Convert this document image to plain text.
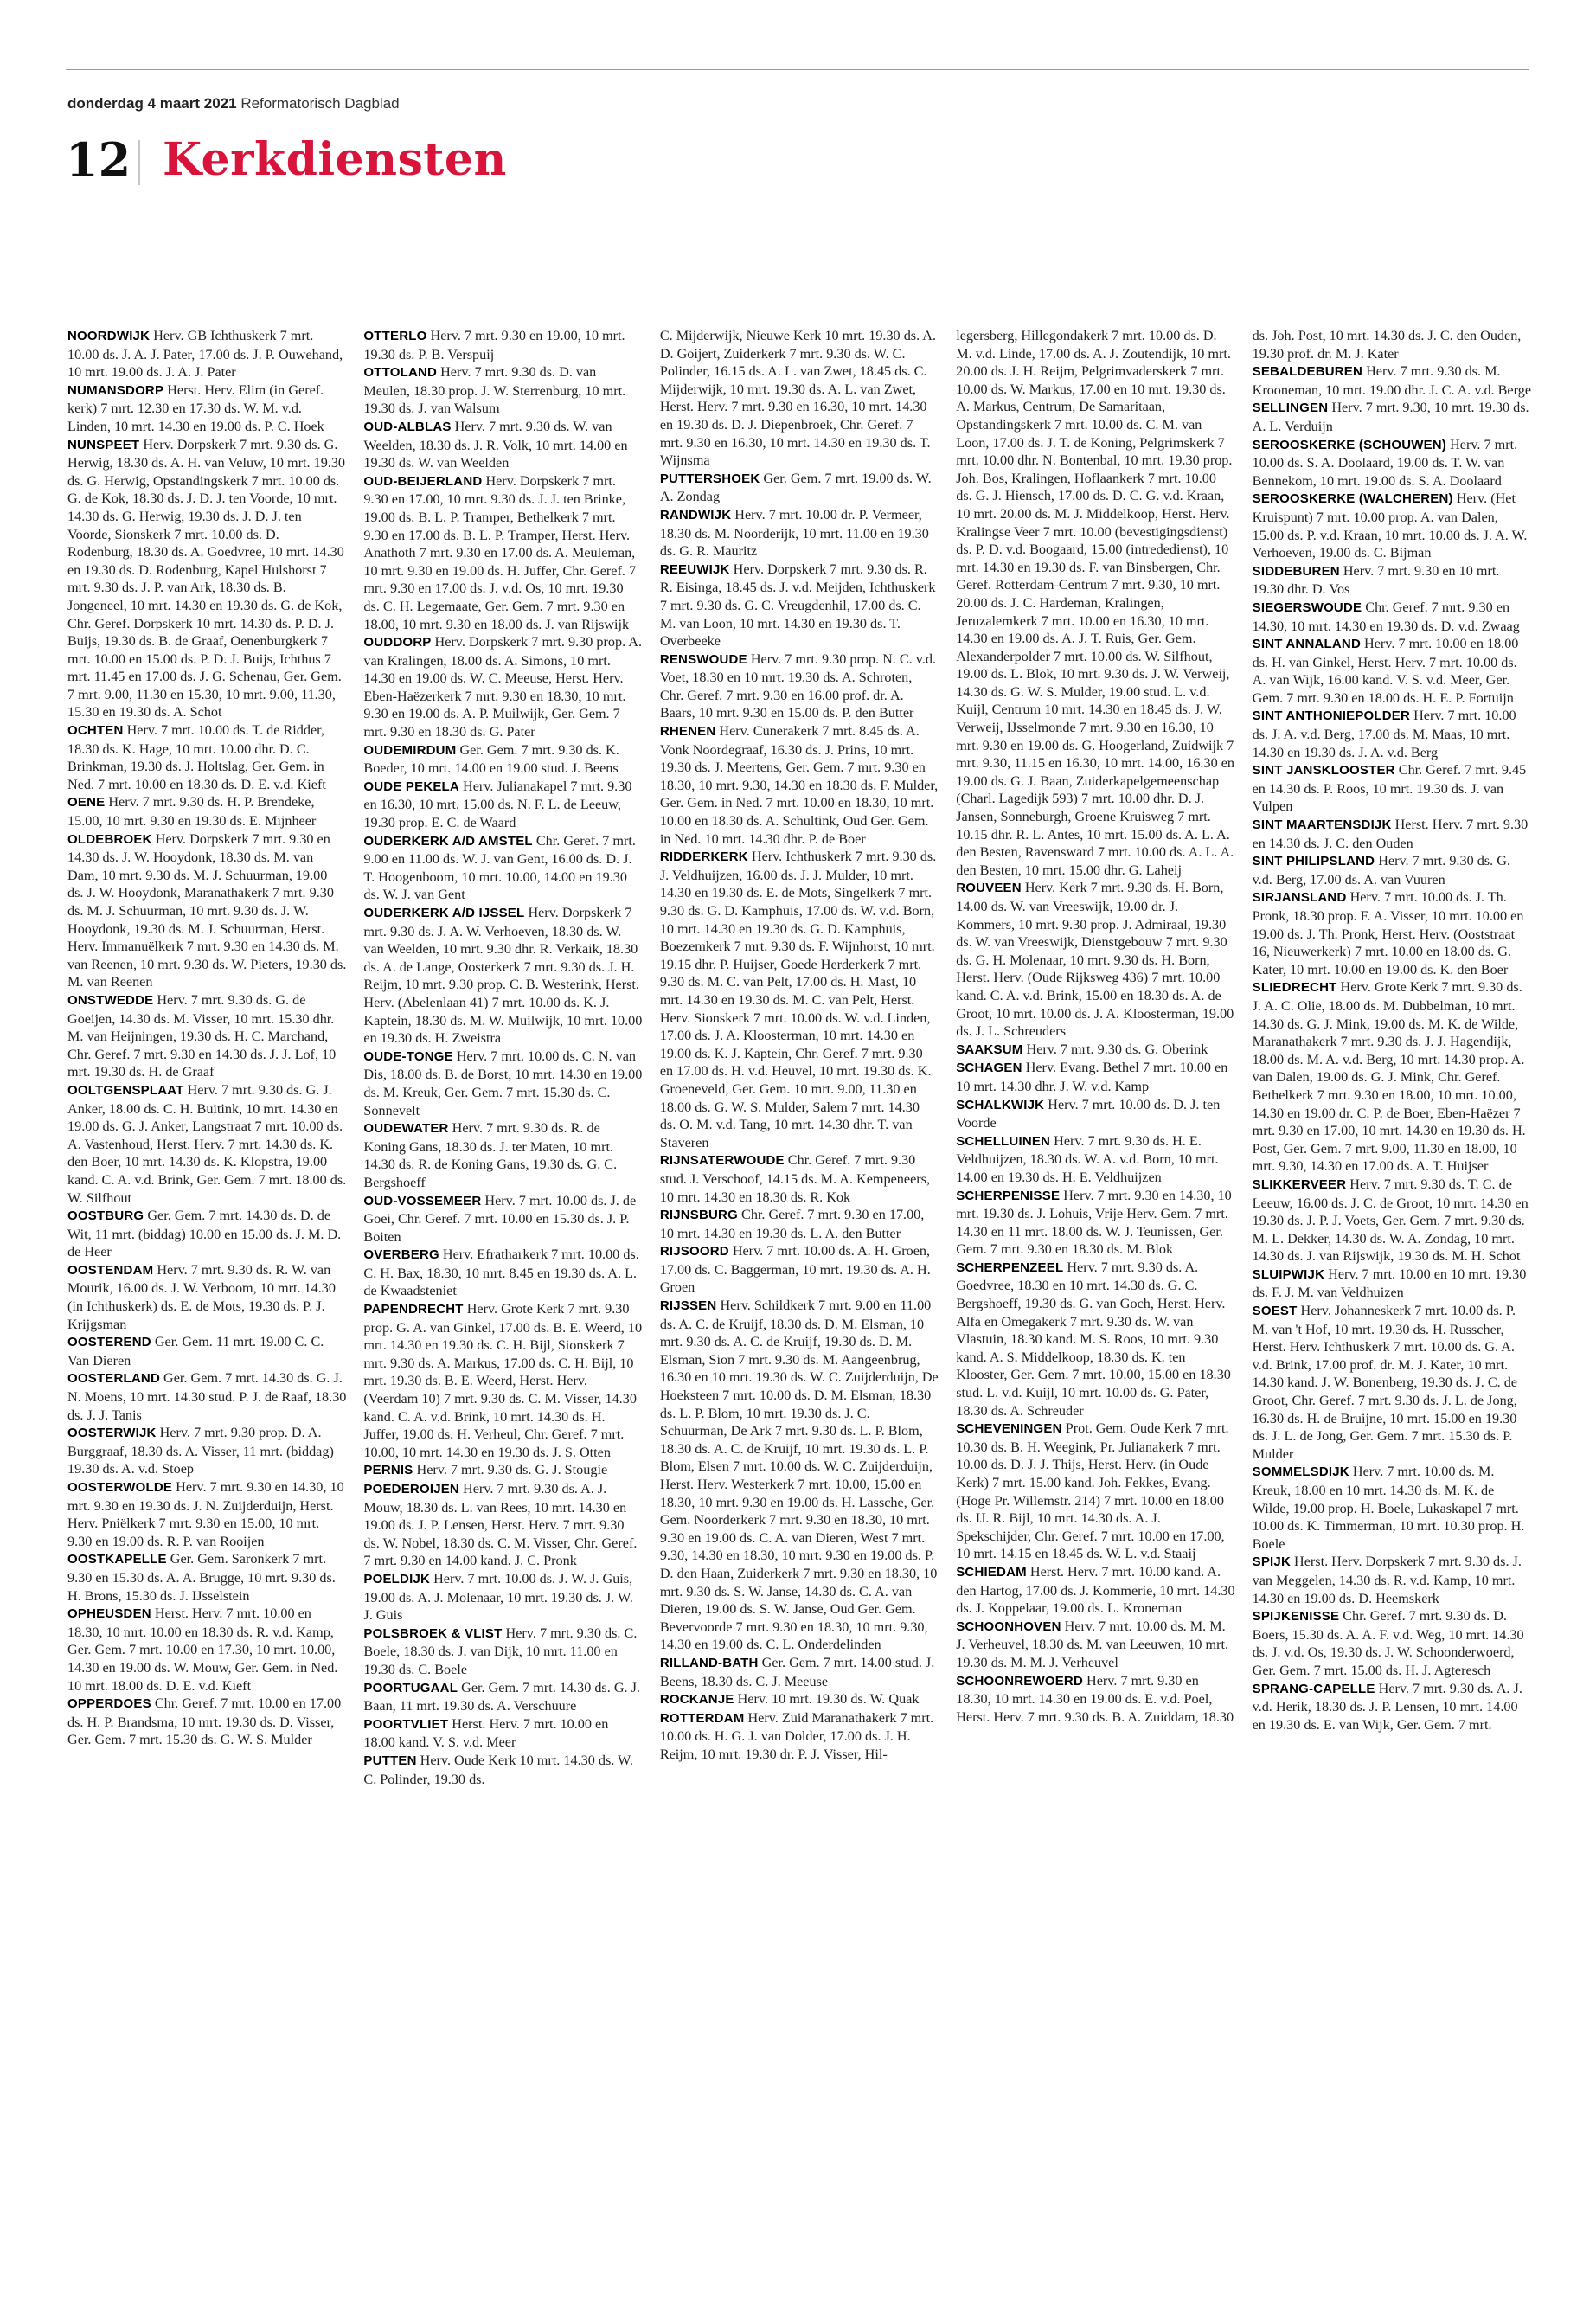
donderdag 4 maart 2021 Reformatorisch Dagblad
12 Kerkdiensten

NOORDWIJK Herv. GB Ichthuskerk 7 mrt. 10.00 ds. J. A. J. Pater, 17.00 ds. J. P. Ouwehand, 10 mrt. 19.00 ds. J. A. J. Pater

NUMANSDORP Herst. Herv. Elim (in Geref. kerk) 7 mrt. 12.30 en 17.30 ds. W. M. v.d. Linden, 10 mrt. 14.30 en 19.00 ds. P. C. Hoek

NUNSPEET Herv. Dorpskerk 7 mrt. 9.30 ds. G. Herwig, 18.30 ds. A. H. van Veluw, 10 mrt. 19.30 ds. G. Herwig, Opstandingskerk 7 mrt. 10.00 ds. G. de Kok, 18.30 ds. J. D. J. ten Voorde, 10 mrt. 14.30 ds. G. Herwig, 19.30 ds. J. D. J. ten Voorde, Sionskerk 7 mrt. 10.00 ds. D. Rodenburg, 18.30 ds. A. Goedvree, 10 mrt. 14.30 en 19.30 ds. D. Rodenburg, Kapel Hulshorst 7 mrt. 9.30 ds. J. P. van Ark, 18.30 ds. B. Jongeneel, 10 mrt. 14.30 en 19.30 ds. G. de Kok, Chr. Geref. Dorpskerk 10 mrt. 14.30 ds. P. D. J. Buijs, 19.30 ds. B. de Graaf, Oenenburgkerk 7 mrt. 10.00 en 15.00 ds. P. D. J. Buijs, Ichthus 7 mrt. 11.45 en 17.00 ds. J. G. Schenau, Ger. Gem. 7 mrt. 9.00, 11.30 en 15.30, 10 mrt. 9.00, 11.30, 15.30 en 19.30 ds. A. Schot

OCHTEN Herv. 7 mrt. 10.00 ds. T. de Ridder, 18.30 ds. K. Hage, 10 mrt. 10.00 dhr. D. C. Brinkman, 19.30 ds. J. Holtslag, Ger. Gem. in Ned. 7 mrt. 10.00 en 18.30 ds. D. E. v.d. Kieft

OENE Herv. 7 mrt. 9.30 ds. H. P. Brendeke, 15.00, 10 mrt. 9.30 en 19.30 ds. E. Mijnheer

OLDEBROEK Herv. Dorpskerk 7 mrt. 9.30 en 14.30 ds. J. W. Hooydonk, 18.30 ds. M. van Dam, 10 mrt. 9.30 ds. M. J. Schuurman, 19.00 ds. J. W. Hooydonk, Maranathakerk 7 mrt. 9.30 ds. M. J. Schuurman, 10 mrt. 9.30 ds. J. W. Hooydonk, 19.30 ds. M. J. Schuurman, Herst. Herv. Immanuëlkerk 7 mrt. 9.30 en 14.30 ds. M. van Reenen, 10 mrt. 9.30 ds. W. Pieters, 19.30 ds. M. van Reenen

ONSTWEDDE Herv. 7 mrt. 9.30 ds. G. de Goeijen, 14.30 ds. M. Visser, 10 mrt. 15.30 dhr. M. van Heijningen, 19.30 ds. H. C. Marchand, Chr. Geref. 7 mrt. 9.30 en 14.30 ds. J. J. Lof, 10 mrt. 19.30 ds. H. de Graaf

OOLTGENSPLAAT Herv. 7 mrt. 9.30 ds. G. J. Anker, 18.00 ds. C. H. Buitink, 10 mrt. 14.30 en 19.00 ds. G. J. Anker, Langstraat 7 mrt. 10.00 ds. A. Vastenhoud, Herst. Herv. 7 mrt. 14.30 ds. K. den Boer, 10 mrt. 14.30 ds. K. Klopstra, 19.00 kand. C. A. v.d. Brink, Ger. Gem. 7 mrt. 18.00 ds. W. Silfhout

OOSTBURG Ger. Gem. 7 mrt. 14.30 ds. D. de Wit, 11 mrt. (biddag) 10.00 en 15.00 ds. J. M. D. de Heer

OOSTENDAM Herv. 7 mrt. 9.30 ds. R. W. van Mourik, 16.00 ds. J. W. Verboom, 10 mrt. 14.30 (in Ichthuskerk) ds. E. de Mots, 19.30 ds. P. J. Krijgsman

OOSTEREND Ger. Gem. 11 mrt. 19.00 C. C. Van Dieren

OOSTERLAND Ger. Gem. 7 mrt. 14.30 ds. G. J. N. Moens, 10 mrt. 14.30 stud. P. J. de Raaf, 18.30 ds. J. J. Tanis

OOSTERWIJK Herv. 7 mrt. 9.30 prop. D. A. Burggraaf, 18.30 ds. A. Visser, 11 mrt. (biddag) 19.30 ds. A. v.d. Stoep

OOSTERWOLDE Herv. 7 mrt. 9.30 en 14.30, 10 mrt. 9.30 en 19.30 ds. J. N. Zuijderduijn, Herst. Herv. Pniëlkerk 7 mrt. 9.30 en 15.00, 10 mrt. 9.30 en 19.00 ds. R. P. van Rooijen

OOSTKAPELLE Ger. Gem. Saronkerk 7 mrt. 9.30 en 15.30 ds. A. A. Brugge, 10 mrt. 9.30 ds. H. Brons, 15.30 ds. J. IJsselstein

OPHEUSDEN Herst. Herv. 7 mrt. 10.00 en 18.30, 10 mrt. 10.00 en 18.30 ds. R. v.d. Kamp, Ger. Gem. 7 mrt. 10.00 en 17.30, 10 mrt. 10.00, 14.30 en 19.00 ds. W. Mouw, Ger. Gem. in Ned. 10 mrt. 18.00 ds. D. E. v.d. Kieft

OPPERDOES Chr. Geref. 7 mrt. 10.00 en 17.00 ds. H. P. Brandsma, 10 mrt. 19.30 ds. D. Visser, Ger. Gem. 7 mrt. 15.30 ds. G. W. S. Mulder

OTTERLO Herv. 7 mrt. 9.30 en 19.00, 10 mrt. 19.30 ds. P. B. Verspuij

OTTOLAND Herv. 7 mrt. 9.30 ds. D. van Meulen, 18.30 prop. J. W. Sterrenburg, 10 mrt. 19.30 ds. J. van Walsum

OUD-ALBLAS Herv. 7 mrt. 9.30 ds. W. van Weelden, 18.30 ds. J. R. Volk, 10 mrt. 14.00 en 19.30 ds. W. van Weelden

OUD-BEIJERLAND Herv. Dorpskerk 7 mrt. 9.30 en 17.00, 10 mrt. 9.30 ds. J. J. ten Brinke, 19.00 ds. B. L. P. Tramper, Bethelkerk 7 mrt. 9.30 en 17.00 ds. B. L. P. Tramper, Herst. Herv. Anathoth 7 mrt. 9.30 en 17.00 ds. A. Meuleman, 10 mrt. 9.30 en 19.00 ds. H. Juffer, Chr. Geref. 7 mrt. 9.30 en 17.00 ds. J. v.d. Os, 10 mrt. 19.30 ds. C. H. Legemaate, Ger. Gem. 7 mrt. 9.30 en 18.00, 10 mrt. 9.30 en 18.00 ds. J. van Rijswijk

OUDDORP Herv. Dorpskerk 7 mrt. 9.30 prop. A. van Kralingen, 18.00 ds. A. Simons, 10 mrt. 14.30 en 19.00 ds. W. C. Meeuse, Herst. Herv. Eben-Haëzerkerk 7 mrt. 9.30 en 18.30, 10 mrt. 9.30 en 19.00 ds. A. P. Muilwijk, Ger. Gem. 7 mrt. 9.30 en 18.30 ds. G. Pater

OUDEMIRDUM Ger. Gem. 7 mrt. 9.30 ds. K. Boeder, 10 mrt. 14.00 en 19.00 stud. J. Beens

OUDE PEKELA Herv. Julianakapel 7 mrt. 9.30 en 16.30, 10 mrt. 15.00 ds. N. F. L. de Leeuw, 19.30 prop. E. C. de Waard

OUDERKERK A/D AMSTEL Chr. Geref. 7 mrt. 9.00 en 11.00 ds. W. J. van Gent, 16.00 ds. D. J. T. Hoogenboom, 10 mrt. 10.00, 14.00 en 19.30 ds. W. J. van Gent

OUDERKERK A/D IJSSEL Herv. Dorpskerk 7 mrt. 9.30 ds. J. A. W. Verhoeven, 18.30 ds. W. van Weelden, 10 mrt. 9.30 dhr. R. Verkaik, 18.30 ds. A. de Lange, Oosterkerk 7 mrt. 9.30 ds. J. H. Reijm, 10 mrt. 9.30 prop. C. B. Westerink, Herst. Herv. (Abelenlaan 41) 7 mrt. 10.00 ds. K. J. Kaptein, 18.30 ds. M. W. Muilwijk, 10 mrt. 10.00 en 19.30 ds. H. Zweistra

OUDE-TONGE Herv. 7 mrt. 10.00 ds. C. N. van Dis, 18.00 ds. B. de Borst, 10 mrt. 14.30 en 19.00 ds. M. Kreuk, Ger. Gem. 7 mrt. 15.30 ds. C. Sonnevelt

OUDEWATER Herv. 7 mrt. 9.30 ds. R. de Koning Gans, 18.30 ds. J. ter Maten, 10 mrt. 14.30 ds. R. de Koning Gans, 19.30 ds. G. C. Bergshoeff

OUD-VOSSEMEER Herv. 7 mrt. 10.00 ds. J. de Goei, Chr. Geref. 7 mrt. 10.00 en 15.30 ds. J. P. Boiten

OVERBERG Herv. Efratharkerk 7 mrt. 10.00 ds. C. H. Bax, 18.30, 10 mrt. 8.45 en 19.30 ds. A. L. de Kwaadsteniet

PAPENDRECHT Herv. Grote Kerk 7 mrt. 9.30 prop. G. A. van Ginkel, 17.00 ds. B. E. Weerd, 10 mrt. 14.30 en 19.30 ds. C. H. Bijl, Sionskerk 7 mrt. 9.30 ds. A. Markus, 17.00 ds. C. H. Bijl, 10 mrt. 19.30 ds. B. E. Weerd, Herst. Herv. (Veerdam 10) 7 mrt. 9.30 ds. C. M. Visser, 14.30 kand. C. A. v.d. Brink, 10 mrt. 14.30 ds. H. Juffer, 19.00 ds. H. Verheul, Chr. Geref. 7 mrt. 10.00, 10 mrt. 14.30 en 19.30 ds. J. S. Otten

PERNIS Herv. 7 mrt. 9.30 ds. G. J. Stougie

POEDEROIJEN Herv. 7 mrt. 9.30 ds. A. J. Mouw, 18.30 ds. L. van Rees, 10 mrt. 14.30 en 19.00 ds. J. P. Lensen, Herst. Herv. 7 mrt. 9.30 ds. W. Nobel, 18.30 ds. C. M. Visser, Chr. Geref. 7 mrt. 9.30 en 14.00 kand. J. C. Pronk

POELDIJK Herv. 7 mrt. 10.00 ds. J. W. J. Guis, 19.00 ds. A. J. Molenaar, 10 mrt. 19.30 ds. J. W. J. Guis

POLSBROEK & VLIST Herv. 7 mrt. 9.30 ds. C. Boele, 18.30 ds. J. van Dijk, 10 mrt. 11.00 en 19.30 ds. C. Boele

POORTUGAAL Ger. Gem. 7 mrt. 14.30 ds. G. J. Baan, 11 mrt. 19.30 ds. A. Verschuure

POORTVLIET Herst. Herv. 7 mrt. 10.00 en 18.00 kand. V. S. v.d. Meer

PUTTEN Herv. Oude Kerk 10 mrt. 14.30 ds. W. C. Polinder, 19.30 ds.

C. Mijderwijk, Nieuwe Kerk 10 mrt. 19.30 ds. A. D. Goijert, Zuiderkerk 7 mrt. 9.30 ds. W. C. Polinder, 16.15 ds. A. L. van Zwet, 18.45 ds. C. Mijderwijk, 10 mrt. 19.30 ds. A. L. van Zwet, Herst. Herv. 7 mrt. 9.30 en 16.30, 10 mrt. 14.30 en 19.30 ds. D. J. Diepenbroek, Chr. Geref. 7 mrt. 9.30 en 16.30, 10 mrt. 14.30 en 19.30 ds. T. Wijnsma

PUTTERSHOEK Ger. Gem. 7 mrt. 19.00 ds. W. A. Zondag

RANDWIJK Herv. 7 mrt. 10.00 dr. P. Vermeer, 18.30 ds. M. Noorderijk, 10 mrt. 11.00 en 19.30 ds. G. R. Mauritz

REEUWIJK Herv. Dorpskerk 7 mrt. 9.30 ds. R. R. Eisinga, 18.45 ds. J. v.d. Meijden, Ichthuskerk 7 mrt. 9.30 ds. G. C. Vreugdenhil, 17.00 ds. C. M. van Loon, 10 mrt. 14.30 en 19.30 ds. T. Overbeeke

RENSWOUDE Herv. 7 mrt. 9.30 prop. N. C. v.d. Voet, 18.30 en 10 mrt. 19.30 ds. A. Schroten, Chr. Geref. 7 mrt. 9.30 en 16.00 prof. dr. A. Baars, 10 mrt. 9.30 en 15.00 ds. P. den Butter

RHENEN Herv. Cunerakerk 7 mrt. 8.45 ds. A. Vonk Noordegraaf, 16.30 ds. J. Prins, 10 mrt. 19.30 ds. J. Meertens, Ger. Gem. 7 mrt. 9.30 en 18.30, 10 mrt. 9.30, 14.30 en 18.30 ds. F. Mulder, Ger. Gem. in Ned. 7 mrt. 10.00 en 18.30, 10 mrt. 10.00 en 18.30 ds. A. Schultink, Oud Ger. Gem. in Ned. 10 mrt. 14.30 dhr. P. de Boer

RIDDERKERK Herv. Ichthuskerk 7 mrt. 9.30 ds. J. Veldhuijzen, 16.00 ds. J. J. Mulder, 10 mrt. 14.30 en 19.30 ds. E. de Mots, Singelkerk 7 mrt. 9.30 ds. G. D. Kamphuis, 17.00 ds. W. v.d. Born, 10 mrt. 14.30 en 19.30 ds. G. D. Kamphuis, Boezemkerk 7 mrt. 9.30 ds. F. Wijnhorst, 10 mrt. 19.15 dhr. P. Huijser, Goede Herderkerk 7 mrt. 9.30 ds. M. C. van Pelt, 17.00 ds. H. Mast, 10 mrt. 14.30 en 19.30 ds. M. C. van Pelt, Herst. Herv. Sionskerk 7 mrt. 10.00 ds. W. v.d. Linden, 17.00 ds. J. A. Kloosterman, 10 mrt. 14.30 en 19.00 ds. K. J. Kaptein, Chr. Geref. 7 mrt. 9.30 en 17.00 ds. H. v.d. Heuvel, 10 mrt. 19.30 ds. K. Groeneveld, Ger. Gem. 10 mrt. 9.00, 11.30 en 18.00 ds. G. W. S. Mulder, Salem 7 mrt. 14.30 ds. O. M. v.d. Tang, 10 mrt. 14.30 dhr. T. van Staveren

RIJNSATERWOUDE Chr. Geref. 7 mrt. 9.30 stud. J. Verschoof, 14.15 ds. M. A. Kempeneers, 10 mrt. 14.30 en 18.30 ds. R. Kok

RIJNSBURG Chr. Geref. 7 mrt. 9.30 en 17.00, 10 mrt. 14.30 en 19.30 ds. L. A. den Butter

RIJSOORD Herv. 7 mrt. 10.00 ds. A. H. Groen, 17.00 ds. C. Baggerman, 10 mrt. 19.30 ds. A. H. Groen

RIJSSEN Herv. Schildkerk 7 mrt. 9.00 en 11.00 ds. A. C. de Kruijf, 18.30 ds. D. M. Elsman, 10 mrt. 9.30 ds. A. C. de Kruijf, 19.30 ds. D. M. Elsman, Sion 7 mrt. 9.30 ds. M. Aangeenbrug, 16.30 en 10 mrt. 19.30 ds. W. C. Zuijderduijn, De Hoeksteen 7 mrt. 10.00 ds. D. M. Elsman, 18.30 ds. L. P. Blom, 10 mrt. 19.30 ds. J. C. Schuurman, De Ark 7 mrt. 9.30 ds. L. P. Blom, 18.30 ds. A. C. de Kruijf, 10 mrt. 19.30 ds. L. P. Blom, Elsen 7 mrt. 10.00 ds. W. C. Zuijderduijn, Herst. Herv. Westerkerk 7 mrt. 10.00, 15.00 en 18.30, 10 mrt. 9.30 en 19.00 ds. H. Lassche, Ger. Gem. Noorderkerk 7 mrt. 9.30 en 18.30, 10 mrt. 9.30 en 19.00 ds. C. A. van Dieren, West 7 mrt. 9.30, 14.30 en 18.30, 10 mrt. 9.30 en 19.00 ds. P. D. den Haan, Zuiderkerk 7 mrt. 9.30 en 18.30, 10 mrt. 9.30 ds. S. W. Janse, 14.30 ds. C. A. van Dieren, 19.00 ds. S. W. Janse, Oud Ger. Gem. Bevervoorde 7 mrt. 9.30 en 18.30, 10 mrt. 9.30, 14.30 en 19.00 ds. C. L. Onderdelinden

RILLAND-BATH Ger. Gem. 7 mrt. 14.00 stud. J. Beens, 18.30 ds. C. J. Meeuse

ROCKANJE Herv. 10 mrt. 19.30 ds. W. Quak

ROTTERDAM Herv. Zuid Maranathakerk 7 mrt. 10.00 ds. H. G. J. van Dolder, 17.00 ds. J. H. Reijm, 10 mrt. 19.30 dr. P. J. Visser, Hil-

legersberg, Hillegondakerk 7 mrt. 10.00 ds. D. M. v.d. Linde, 17.00 ds. A. J. Zoutendijk, 10 mrt. 20.00 ds. J. H. Reijm, Pelgrimvaderskerk 7 mrt. 10.00 ds. W. Markus, 17.00 en 10 mrt. 19.30 ds. A. Markus, Centrum, De Samaritaan, Opstandingskerk 7 mrt. 10.00 ds. C. M. van Loon, 17.00 ds. J. T. de Koning, Pelgrimskerk 7 mrt. 10.00 dhr. N. Bontenbal, 10 mrt. 19.30 prop. Joh. Bos, Kralingen, Hoflaankerk 7 mrt. 10.00 ds. G. J. Hiensch, 17.00 ds. D. C. G. v.d. Kraan, 10 mrt. 20.00 ds. M. J. Middelkoop, Herst. Herv. Kralingse Veer 7 mrt. 10.00 (bevestigingsdienst) ds. P. D. v.d. Boogaard, 15.00 (intrededienst), 10 mrt. 14.30 en 19.30 ds. F. van Binsbergen, Chr. Geref. Rotterdam-Centrum 7 mrt. 9.30, 10 mrt. 20.00 ds. J. C. Hardeman, Kralingen, Jeruzalemkerk 7 mrt. 10.00 en 16.30, 10 mrt. 14.30 en 19.00 ds. A. J. T. Ruis, Ger. Gem. Alexanderpolder 7 mrt. 10.00 ds. W. Silfhout, 19.00 ds. L. Blok, 10 mrt. 9.30 ds. J. W. Verweij, 14.30 ds. G. W. S. Mulder, 19.00 stud. L. v.d. Kuijl, Centrum 10 mrt. 14.30 en 18.45 ds. J. W. Verweij, IJsselmonde 7 mrt. 9.30 en 16.30, 10 mrt. 9.30 en 19.00 ds. G. Hoogerland, Zuidwijk 7 mrt. 9.30, 11.15 en 16.30, 10 mrt. 14.00, 16.30 en 19.00 ds. G. J. Baan, Zuiderkapelgemeenschap (Charl. Lagedijk 593) 7 mrt. 10.00 dhr. D. J. Jansen, Sonneburgh, Groene Kruisweg 7 mrt. 10.15 dhr. R. L. Antes, 10 mrt. 15.00 ds. A. L. A. den Besten, Ravensward 7 mrt. 10.00 ds. A. L. A. den Besten, 10 mrt. 15.00 dhr. G. Laheij

ROUVEEN Herv. Kerk 7 mrt. 9.30 ds. H. Born, 14.00 ds. W. van Vreeswijk, 19.00 dr. J. Kommers, 10 mrt. 9.30 prop. J. Admiraal, 19.30 ds. W. van Vreeswijk, Dienstgebouw 7 mrt. 9.30 ds. G. H. Molenaar, 10 mrt. 9.30 ds. H. Born, Herst. Herv. (Oude Rijksweg 436) 7 mrt. 10.00 kand. C. A. v.d. Brink, 15.00 en 18.30 ds. A. de Groot, 10 mrt. 10.00 ds. J. A. Kloosterman, 19.00 ds. J. L. Schreuders

SAAKSUM Herv. 7 mrt. 9.30 ds. G. Oberink

SCHAGEN Herv. Evang. Bethel 7 mrt. 10.00 en 10 mrt. 14.30 dhr. J. W. v.d. Kamp

SCHALKWIJK Herv. 7 mrt. 10.00 ds. D. J. ten Voorde

SCHELLUINEN Herv. 7 mrt. 9.30 ds. H. E. Veldhuijzen, 18.30 ds. W. A. v.d. Born, 10 mrt. 14.00 en 19.30 ds. H. E. Veldhuijzen

SCHERPENISSE Herv. 7 mrt. 9.30 en 14.30, 10 mrt. 19.30 ds. J. Lohuis, Vrije Herv. Gem. 7 mrt. 14.30 en 11 mrt. 18.00 ds. W. J. Teunissen, Ger. Gem. 7 mrt. 9.30 en 18.30 ds. M. Blok

SCHERPENZEEL Herv. 7 mrt. 9.30 ds. A. Goedvree, 18.30 en 10 mrt. 14.30 ds. G. C. Bergshoeff, 19.30 ds. G. van Goch, Herst. Herv. Alfa en Omegakerk 7 mrt. 9.30 ds. W. van Vlastuin, 18.30 kand. M. S. Roos, 10 mrt. 9.30 kand. A. S. Middelkoop, 18.30 ds. K. ten Klooster, Ger. Gem. 7 mrt. 10.00, 15.00 en 18.30 stud. L. v.d. Kuijl, 10 mrt. 10.00 ds. G. Pater, 18.30 ds. A. Schreuder

SCHEVENINGEN Prot. Gem. Oude Kerk 7 mrt. 10.30 ds. B. H. Weegink, Pr. Julianakerk 7 mrt. 10.00 ds. D. J. J. Thijs, Herst. Herv. (in Oude Kerk) 7 mrt. 15.00 kand. Joh. Fekkes, Evang. (Hoge Pr. Willemstr. 214) 7 mrt. 10.00 en 18.00 ds. IJ. R. Bijl, 10 mrt. 14.30 ds. A. J. Spekschijder, Chr. Geref. 7 mrt. 10.00 en 17.00, 10 mrt. 14.15 en 18.45 ds. W. L. v.d. Staaij

SCHIEDAM Herst. Herv. 7 mrt. 10.00 kand. A. den Hartog, 17.00 ds. J. Kommerie, 10 mrt. 14.30 ds. J. Koppelaar, 19.00 ds. L. Kroneman

SCHOONHOVEN Herv. 7 mrt. 10.00 ds. M. M. J. Verheuvel, 18.30 ds. M. van Leeuwen, 10 mrt. 19.30 ds. M. M. J. Verheuvel

SCHOONREWOERD Herv. 7 mrt. 9.30 en 18.30, 10 mrt. 14.30 en 19.00 ds. E. v.d. Poel, Herst. Herv. 7 mrt. 9.30 ds. B. A. Zuiddam, 18.30

ds. Joh. Post, 10 mrt. 14.30 ds. J. C. den Ouden, 19.30 prof. dr. M. J. Kater

SEBALDEBUREN Herv. 7 mrt. 9.30 ds. M. Krooneman, 10 mrt. 19.00 dhr. J. C. A. v.d. Berge

SELLINGEN Herv. 7 mrt. 9.30, 10 mrt. 19.30 ds. A. L. Verduijn

SEROOSKERKE (SCHOUWEN) Herv. 7 mrt. 10.00 ds. S. A. Doolaard, 19.00 ds. T. W. van Bennekom, 10 mrt. 19.00 ds. S. A. Doolaard

SEROOSKERKE (WALCHEREN) Herv. (Het Kruispunt) 7 mrt. 10.00 prop. A. van Dalen, 15.00 ds. P. v.d. Kraan, 10 mrt. 10.00 ds. J. A. W. Verhoeven, 19.00 ds. C. Bijman

SIDDEBUREN Herv. 7 mrt. 9.30 en 10 mrt. 19.30 dhr. D. Vos

SIEGERSWOUDE Chr. Geref. 7 mrt. 9.30 en 14.30, 10 mrt. 14.30 en 19.30 ds. D. v.d. Zwaag

SINT ANNALAND Herv. 7 mrt. 10.00 en 18.00 ds. H. van Ginkel, Herst. Herv. 7 mrt. 10.00 ds. A. van Wijk, 16.00 kand. V. S. v.d. Meer, Ger. Gem. 7 mrt. 9.30 en 18.00 ds. H. E. P. Fortuijn

SINT ANTHONIEPOLDER Herv. 7 mrt. 10.00 ds. J. A. v.d. Berg, 17.00 ds. M. Maas, 10 mrt. 14.30 en 19.30 ds. J. A. v.d. Berg

SINT JANSKLOOSTER Chr. Geref. 7 mrt. 9.45 en 14.30 ds. P. Roos, 10 mrt. 19.30 ds. J. van Vulpen

SINT MAARTENSDIJK Herst. Herv. 7 mrt. 9.30 en 14.30 ds. J. C. den Ouden

SINT PHILIPSLAND Herv. 7 mrt. 9.30 ds. G. v.d. Berg, 17.00 ds. A. van Vuuren

SIRJANSLAND Herv. 7 mrt. 10.00 ds. J. Th. Pronk, 18.30 prop. F. A. Visser, 10 mrt. 10.00 en 19.00 ds. J. Th. Pronk, Herst. Herv. (Ooststraat 16, Nieuwerkerk) 7 mrt. 10.00 en 18.00 ds. G. Kater, 10 mrt. 10.00 en 19.00 ds. K. den Boer

SLIEDRECHT Herv. Grote Kerk 7 mrt. 9.30 ds. J. A. C. Olie, 18.00 ds. M. Dubbelman, 10 mrt. 14.30 ds. G. J. Mink, 19.00 ds. M. K. de Wilde, Maranathakerk 7 mrt. 9.30 ds. J. J. Hagendijk, 18.00 ds. M. A. v.d. Berg, 10 mrt. 14.30 prop. A. van Dalen, 19.00 ds. G. J. Mink, Chr. Geref. Bethelkerk 7 mrt. 9.30 en 18.00, 10 mrt. 10.00, 14.30 en 19.00 dr. C. P. de Boer, Eben-Haëzer 7 mrt. 9.30 en 17.00, 10 mrt. 14.30 en 19.30 ds. H. Post, Ger. Gem. 7 mrt. 9.00, 11.30 en 18.00, 10 mrt. 9.30, 14.30 en 17.00 ds. A. T. Huijser

SLIKKERVEER Herv. 7 mrt. 9.30 ds. T. C. de Leeuw, 16.00 ds. J. C. de Groot, 10 mrt. 14.30 en 19.30 ds. J. P. J. Voets, Ger. Gem. 7 mrt. 9.30 ds. M. L. Dekker, 14.30 ds. W. A. Zondag, 10 mrt. 14.30 ds. J. van Rijswijk, 19.30 ds. M. H. Schot

SLUIPWIJK Herv. 7 mrt. 10.00 en 10 mrt. 19.30 ds. F. J. M. van Veldhuizen

SOEST Herv. Johanneskerk 7 mrt. 10.00 ds. P. M. van 't Hof, 10 mrt. 19.30 ds. H. Russcher, Herst. Herv. Ichthuskerk 7 mrt. 10.00 ds. G. A. v.d. Brink, 17.00 prof. dr. M. J. Kater, 10 mrt. 14.30 kand. J. W. Bonenberg, 19.30 ds. J. C. de Groot, Chr. Geref. 7 mrt. 9.30 ds. J. L. de Jong, 16.30 ds. H. de Bruijne, 10 mrt. 15.00 en 19.30 ds. J. L. de Jong, Ger. Gem. 7 mrt. 15.30 ds. P. Mulder

SOMMELSDIJK Herv. 7 mrt. 10.00 ds. M. Kreuk, 18.00 en 10 mrt. 14.30 ds. M. K. de Wilde, 19.00 prop. H. Boele, Lukaskapel 7 mrt. 10.00 ds. K. Timmerman, 10 mrt. 10.30 prop. H. Boele

SPIJK Herst. Herv. Dorpskerk 7 mrt. 9.30 ds. J. van Meggelen, 14.30 ds. R. v.d. Kamp, 10 mrt. 14.30 en 19.00 ds. D. Heemskerk

SPIJKENISSE Chr. Geref. 7 mrt. 9.30 ds. D. Boers, 15.30 ds. A. A. F. v.d. Weg, 10 mrt. 14.30 ds. J. v.d. Os, 19.30 ds. J. W. Schoonderwoerd, Ger. Gem. 7 mrt. 15.00 ds. H. J. Agteresch

SPRANG-CAPELLE Herv. 7 mrt. 9.30 ds. A. J. v.d. Herik, 18.30 ds. J. P. Lensen, 10 mrt. 14.00 en 19.30 ds. E. van Wijk, Ger. Gem. 7 mrt.
